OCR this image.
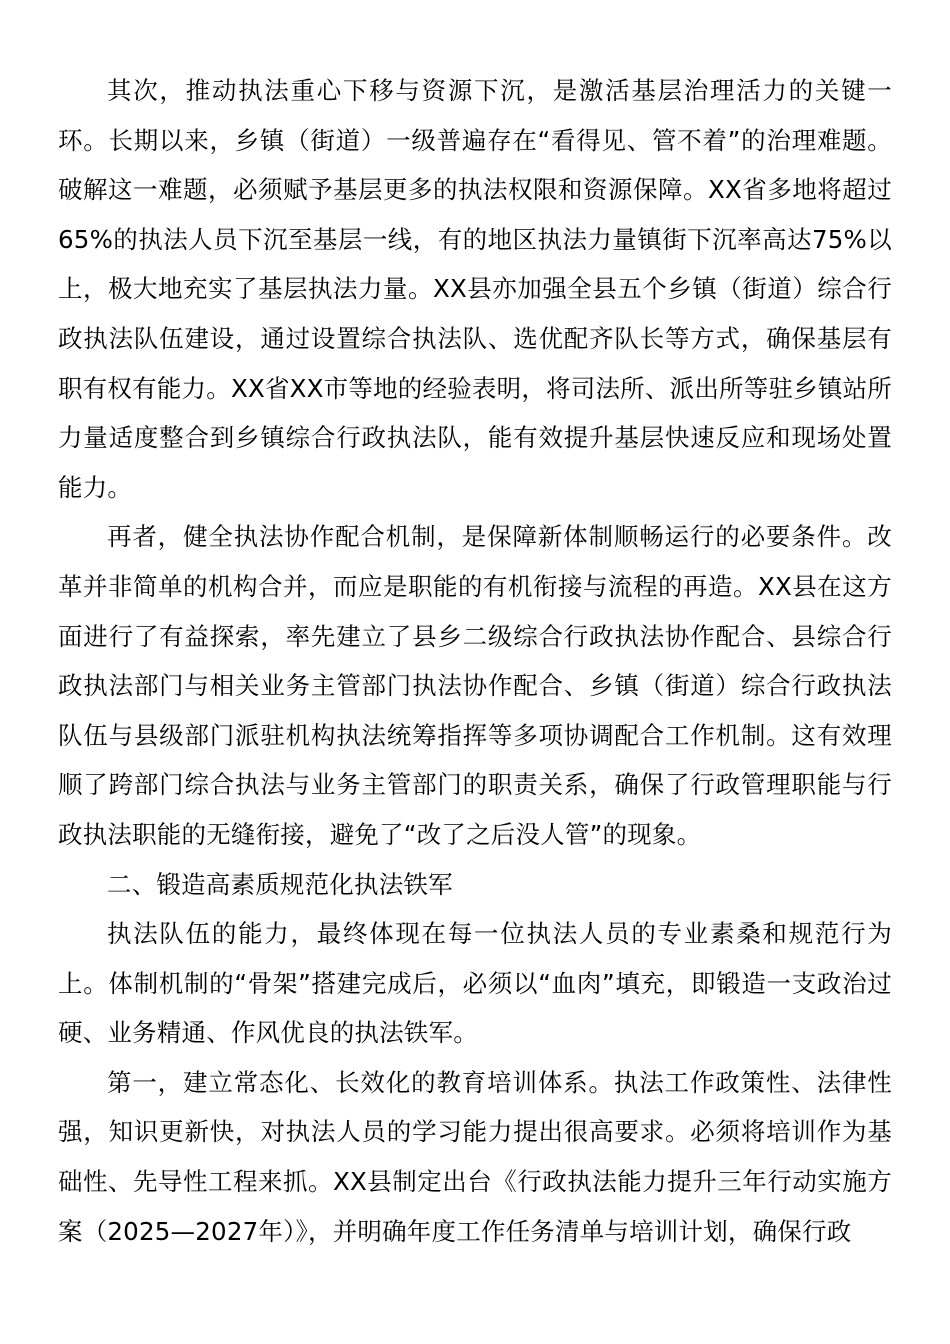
其次，推动执法重心下移与资源下沉，是激活基层治理活力的关键一环。长期以来，乡镇（街道）一级普遍存在“看得见、管不着”的治理难题。破解这一难题，必须赋予基层更多的执法权限和资源保障。XX省多地将超过65%的执法人员下沉至基层一线，有的地区执法力量镇街下沉率高达75%以上，极大地充实了基层执法力量。XX县亦加强全县五个乡镇（街道）综合行政执法队伍建设，通过设置综合执法队、选优配齐队长等方式，确保基层有职有权有能力。XX省XX市等地的经验表明，将司法所、派出所等驻乡镇站所力量适度整合到乡镇综合行政执法队，能有效提升基层快速反应和现场处置能力。

再者，健全执法协作配合机制，是保障新体制顺畅运行的必要条件。改革并非简单的机构合并，而应是职能的有机衔接与流程的再造。XX县在这方面进行了有益探索，率先建立了县乡二级综合行政执法协作配合、县综合行政执法部门与相关业务主管部门执法协作配合、乡镇（街道）综合行政执法队伍与县级部门派驻机构执法统筹指挥等多项协调配合工作机制。这有效理顺了跨部门综合执法与业务主管部门的职责关系，确保了行政管理职能与行政执法职能的无缝衔接，避免了“改了之后没人管”的现象。

二、锻造高素质规范化执法铁军

执法队伍的能力，最终体现在每一位执法人员的专业素桑和规范行为上。体制机制的“骨架”搭建完成后，必须以“血肉”填充，即锻造一支政治过硬、业务精通、作风优良的执法铁军。

第一，建立常态化、长效化的教育培训体系。执法工作政策性、法律性强，知识更新快，对执法人员的学习能力提出很高要求。必须将培训作为基础性、先导性工程来抓。XX县制定出台《行政执法能力提升三年行动实施方案（2025—2027年）》，并明确年度工作任务清单与培训计划，确保行政
